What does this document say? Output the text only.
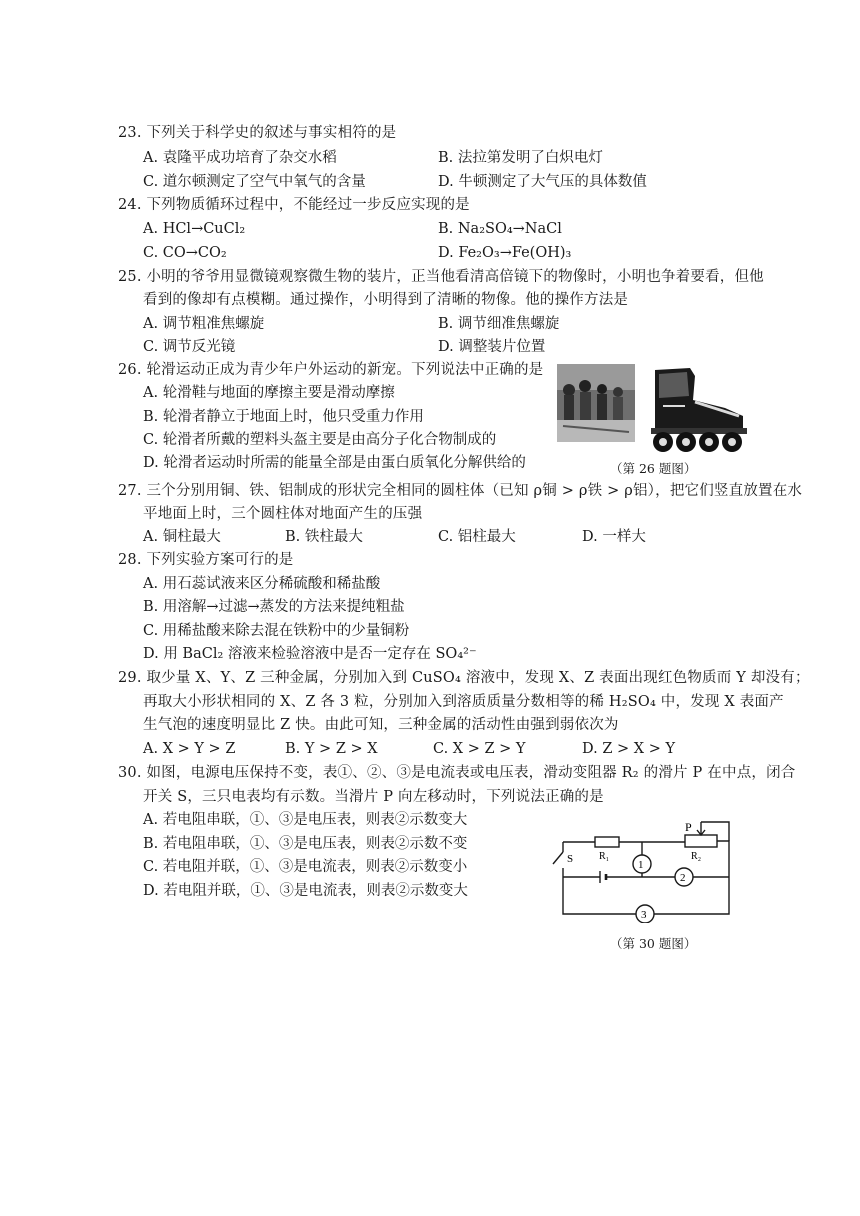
23. 下列关于科学史的叙述与事实相符的是
A. 袁隆平成功培育了杂交水稻	B. 法拉第发明了白炽电灯
C. 道尔顿测定了空气中氧气的含量	D. 牛顿测定了大气压的具体数值
24. 下列物质循环过程中，不能经过一步反应实现的是
A. HCl→CuCl₂	B. Na₂SO₄→NaCl
C. CO→CO₂	D. Fe₂O₃→Fe(OH)₃
25. 小明的爷爷用显微镜观察微生物的装片，正当他看清高倍镜下的物像时，小明也争着要看，但他
看到的像却有点模糊。通过操作，小明得到了清晰的物像。他的操作方法是
A. 调节粗准焦螺旋	B. 调节细准焦螺旋
C. 调节反光镜	D. 调整装片位置
26. 轮滑运动正成为青少年户外运动的新宠。下列说法中正确的是
A. 轮滑鞋与地面的摩擦主要是滑动摩擦
B. 轮滑者静立于地面上时，他只受重力作用
C. 轮滑者所戴的塑料头盔主要是由高分子化合物制成的
D. 轮滑者运动时所需的能量全部是由蛋白质氧化分解供给的	（第 26 题图）
27. 三个分别用铜、铁、铝制成的形状完全相同的圆柱体（已知 ρ铜 > ρ铁 > ρ铝），把它们竖直放置在水
平地面上时，三个圆柱体对地面产生的压强
A. 铜柱最大	B. 铁柱最大	C. 铝柱最大	D. 一样大
28. 下列实验方案可行的是
A. 用石蕊试液来区分稀硫酸和稀盐酸
B. 用溶解→过滤→蒸发的方法来提纯粗盐
C. 用稀盐酸来除去混在铁粉中的少量铜粉
D. 用 BaCl₂ 溶液来检验溶液中是否一定存在 SO₄²⁻
29. 取少量 X、Y、Z 三种金属，分别加入到 CuSO₄ 溶液中，发现 X、Z 表面出现红色物质而 Y 却没有；
再取大小形状相同的 X、Z 各 3 粒，分别加入到溶质质量分数相等的稀 H₂SO₄ 中，发现 X 表面产
生气泡的速度明显比 Z 快。由此可知，三种金属的活动性由强到弱依次为
A. X > Y > Z	B. Y > Z > X	C. X > Z > Y	D. Z > X > Y
30. 如图，电源电压保持不变，表①、②、③是电流表或电压表，滑动变阻器 R₂ 的滑片 P 在中点，闭合
开关 S，三只电表均有示数。当滑片 P 向左移动时，下列说法正确的是
A. 若电阻串联，①、③是电压表，则表②示数变大
B. 若电阻串联，①、③是电压表，则表②示数不变
C. 若电阻并联，①、③是电流表，则表②示数变小
D. 若电阻并联，①、③是电流表，则表②示数变大
P
S	R₁	R₂
1
2
3
（第 30 题图）
